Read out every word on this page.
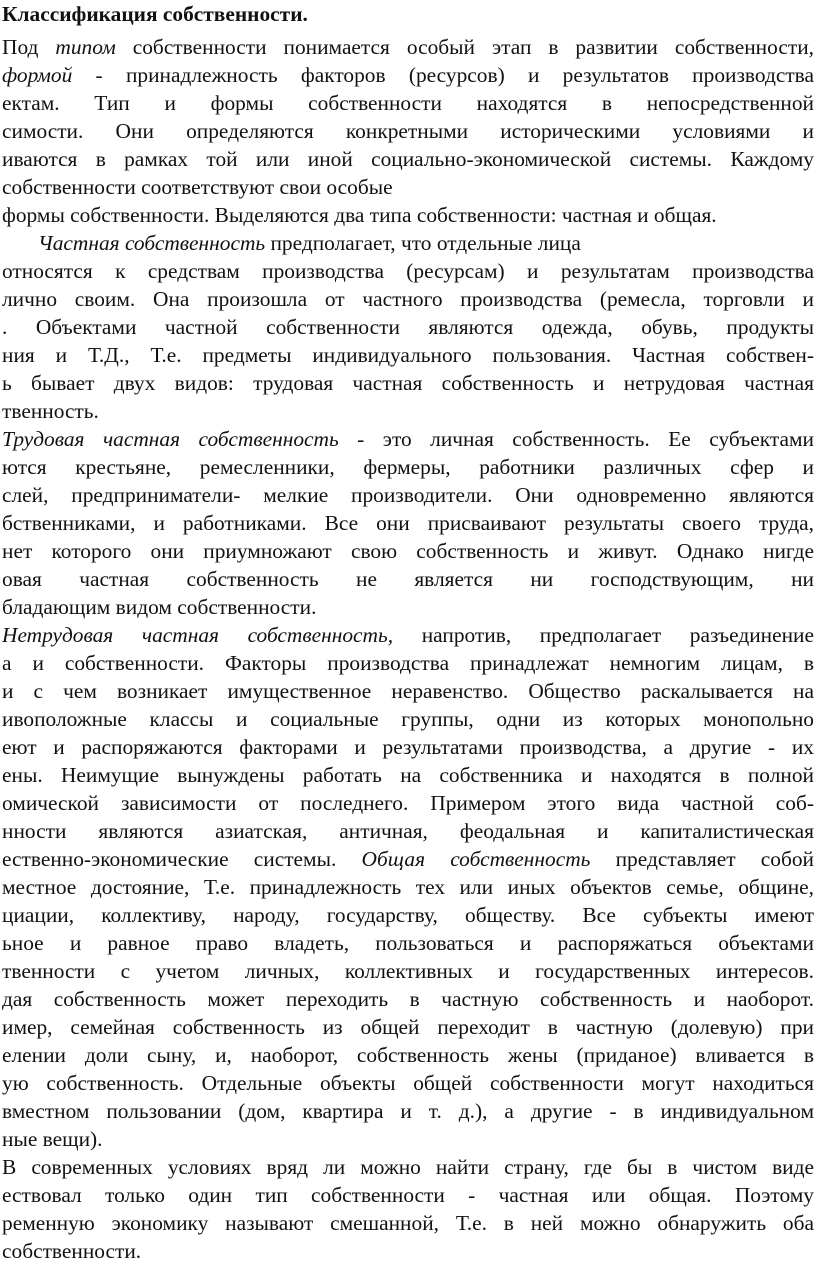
Классификация собственности.
Под типом собственности понимается особый этап в развитии собственности,
формой - принадлежность факторов (ресурсов) и результатов производства
ектам. Тип и формы собственности находятся в непосредственной
симости. Они определяются конкретными историческими условиями и
иваются в рамках той или иной социально-экономической системы. Каждому
собственности соответствуют свои особые
формы собственности. Выделяются два типа собственности: частная и общая.
Частная собственность предполагает, что отдельные лица
относятся к средствам производства (ресурсам) и результатам производства
лично своим. Она произошла от частного производства (ремесла, торговли и
. Объектами частной собственности являются одежда, обувь, продукты
ния и Т.Д., Т.е. предметы индивидуального пользования. Частная собствен-
ь бывает двух видов: трудовая частная собственность и нетрудовая частная
твенность.
Трудовая частная собственность - это личная собственность. Ее субъектами
ются крестьяне, ремесленники, фермеры, работники различных сфер и
слей, предприниматели- мелкие производители. Они одновременно являются
бственниками, и работниками. Все они присваивают результаты своего труда,
нет которого они приумножают свою собственность и живут. Однако нигде
овая частная собственность не является ни господствующим, ни
бладающим видом собственности.
Нетрудовая частная собственность, напротив, предполагает разъединение
а и собственности. Факторы производства принадлежат немногим лицам, в
и с чем возникает имущественное неравенство. Общество раскалывается на
ивоположные классы и социальные группы, одни из которых монопольно
еют и распоряжаются факторами и результатами производства, а другие - их
ены. Неимущие вынуждены работать на собственника и находятся в полной
омической зависимости от последнего. Примером этого вида частной соб-
нности являются азиатская, античная, феодальная и капиталистическая
ественно-экономические системы. Общая собственность представляет собой
местное достояние, Т.е. принадлежность тех или иных объектов семье, общине,
циации, коллективу, народу, государству, обществу. Все субъекты имеют
ьное и равное право владеть, пользоваться и распоряжаться объектами
твенности с учетом личных, коллективных и государственных интересов.
дая собственность может переходить в частную собственность и наоборот.
имер, семейная собственность из общей переходит в частную (долевую) при
елении доли сыну, и, наоборот, собственность жены (приданое) вливается в
ую собственность. Отдельные объекты общей собственности могут находиться
вместном пользовании (дом, квартира и т. д.), а другие - в индивидуальном
ные вещи).
В современных условиях вряд ли можно найти страну, где бы в чистом виде
ествовал только один тип собственности - частная или общая. Поэтому
ременную экономику называют смешанной, Т.е. в ней можно обнаружить оба
собственности.
